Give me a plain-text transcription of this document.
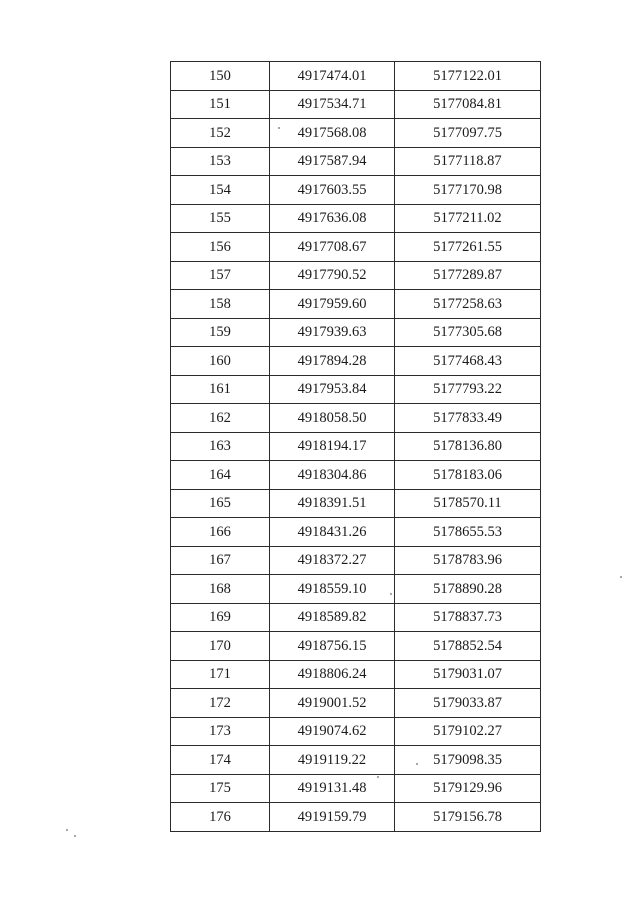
150	4917474.01	5177122.01
151	4917534.71	5177084.81
152	4917568.08	5177097.75
153	4917587.94	5177118.87
154	4917603.55	5177170.98
155	4917636.08	5177211.02
156	4917708.67	5177261.55
157	4917790.52	5177289.87
158	4917959.60	5177258.63
159	4917939.63	5177305.68
160	4917894.28	5177468.43
161	4917953.84	5177793.22
162	4918058.50	5177833.49
163	4918194.17	5178136.80
164	4918304.86	5178183.06
165	4918391.51	5178570.11
166	4918431.26	5178655.53
167	4918372.27	5178783.96
168	4918559.10	5178890.28
169	4918589.82	5178837.73
170	4918756.15	5178852.54
171	4918806.24	5179031.07
172	4919001.52	5179033.87
173	4919074.62	5179102.27
174	4919119.22	5179098.35
175	4919131.48	5179129.96
176	4919159.79	5179156.78
